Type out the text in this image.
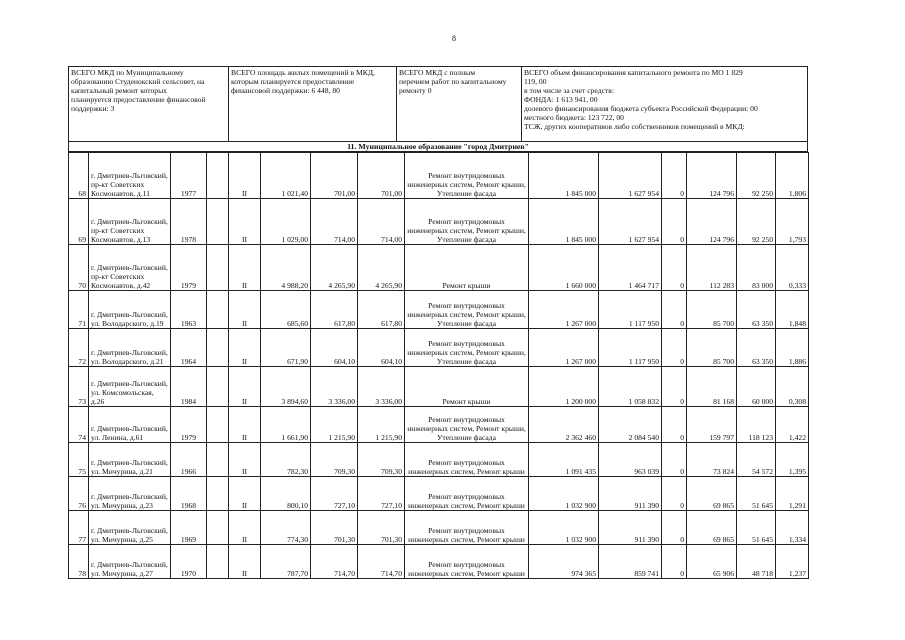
8
ВСЕГО МКД по Муниципальному
образованию Студенокский сельсовет, на
капитальный ремонт которых
планируется предоставление финансовой
поддержки: 3
ВСЕГО площадь жилых помещений в МКД,
которым планируется предоставление
финансовой поддержки: 6 448, 80
ВСЕГО МКД с полным
перечнем работ по капитальному
ремонту 0
ВСЕГО объем финансирования капитального ремонта по МО 1 829
119, 00
в том числе за счет средств:
ФОНДА: 1 613 941, 00
долевого финансирования бюджета субъекта Российской Федерации: 00
местного бюджета: 123 722, 00
ТСЖ, других кооперативов либо собственников помещений в МКД:
11. Муниципальное образование "город Дмитриев"
68	г. Дмитриев-Льговский, пр-кт Советских Космонавтов, д.11	1977		II	1 021,40	701,00	701,00	Ремонт внутридомовых инженерных систем, Ремонт крыши, Утепление фасада	1 845 000	1 627 954	0	124 796	92 250	1,806
69	г. Дмитриев-Льговский, пр-кт Советских Космонавтов, д.13	1978		II	1 029,00	714,00	714,00	Ремонт внутридомовых инженерных систем, Ремонт крыши, Утепление фасада	1 845 000	1 627 954	0	124 796	92 250	1,793
70	г. Дмитриев-Льговский, пр-кт Советских Космонавтов, д.42	1979		II	4 988,20	4 265,90	4 265,90	Ремонт крыши	1 660 000	1 464 717	0	112 283	83 000	0,333
71	г. Дмитриев-Льговский, ул. Володарского, д.19	1963		II	685,60	617,80	617,80	Ремонт внутридомовых инженерных систем, Ремонт крыши, Утепление фасада	1 267 000	1 117 950	0	85 700	63 350	1,848
72	г. Дмитриев-Льговский, ул. Володарского, д.21	1964		II	671,90	604,10	604,10	Ремонт внутридомовых инженерных систем, Ремонт крыши, Утепление фасада	1 267 000	1 117 950	0	85 700	63 350	1,886
73	г. Дмитриев-Льговский, ул. Комсомольская, д.26	1984		II	3 894,60	3 336,00	3 336,00	Ремонт крыши	1 200 000	1 058 832	0	81 168	60 000	0,308
74	г. Дмитриев-Льговский, ул. Ленина, д.61	1979		II	1 661,90	1 215,90	1 215,90	Ремонт внутридомовых инженерных систем, Ремонт крыши, Утепление фасада	2 362 460	2 084 540	0	159 797	118 123	1,422
75	г. Дмитриев-Льговский, ул. Мичурина, д.21	1966		II	782,30	709,30	709,30	Ремонт внутридомовых инженерных систем, Ремонт крыши	1 091 435	963 039	0	73 824	54 572	1,395
76	г. Дмитриев-Льговский, ул. Мичурина, д.23	1968		II	800,10	727,10	727,10	Ремонт внутридомовых инженерных систем, Ремонт крыши	1 032 900	911 390	0	69 865	51 645	1,291
77	г. Дмитриев-Льговский, ул. Мичурина, д.25	1969		II	774,30	701,30	701,30	Ремонт внутридомовых инженерных систем, Ремонт крыши	1 032 900	911 390	0	69 865	51 645	1,334
78	г. Дмитриев-Льговский, ул. Мичурина, д.27	1970		II	787,70	714,70	714,70	Ремонт внутридомовых инженерных систем, Ремонт крыши	974 365	859 741	0	65 906	48 718	1,237
